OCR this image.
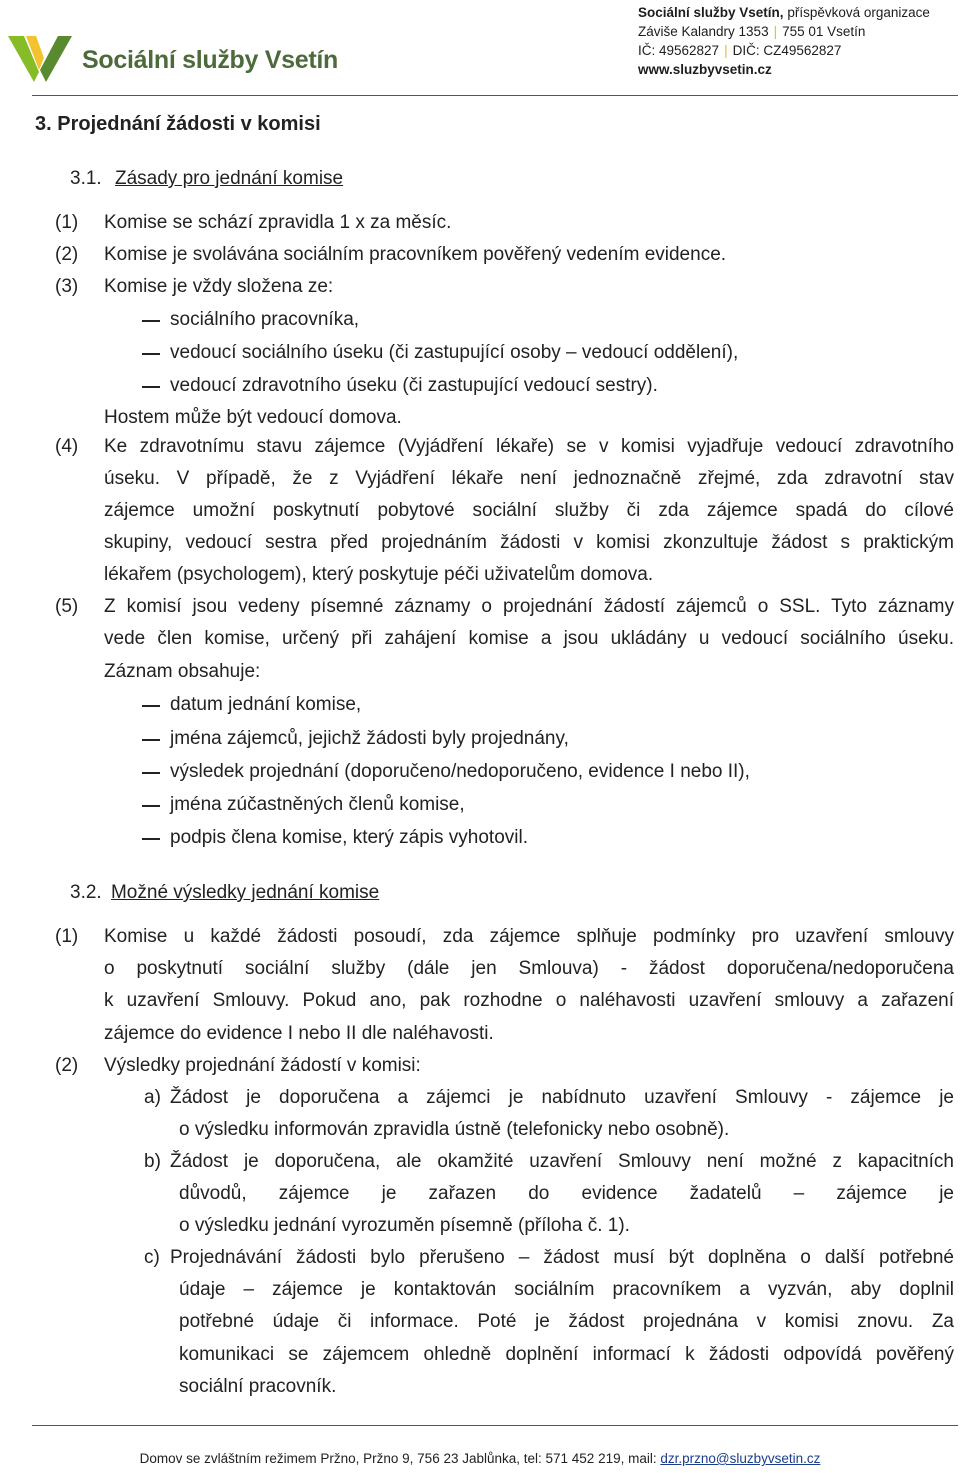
Sociální služby Vsetín
Sociální služby Vsetín, příspěvková organizace
Záviše Kalandry 1353 | 755 01 Vsetín
IČ: 49562827 | DIČ: CZ49562827
www.sluzbyvsetin.cz
3. Projednání žádosti v komisi
3.1. Zásady pro jednání komise
(1) Komise se schází zpravidla 1 x za měsíc.
(2) Komise je svolávána sociálním pracovníkem pověřený vedením evidence.
(3) Komise je vždy složena ze:
sociálního pracovníka,
vedoucí sociálního úseku (či zastupující osoby – vedoucí oddělení),
vedoucí zdravotního úseku (či zastupující vedoucí sestry).
Hostem může být vedoucí domova.
(4) Ke zdravotnímu stavu zájemce (Vyjádření lékaře) se v komisi vyjadřuje vedoucí zdravotního
úseku. V případě, že z Vyjádření lékaře není jednoznačně zřejmé, zda zdravotní stav
zájemce umožní poskytnutí pobytové sociální služby či zda zájemce spadá do cílové
skupiny, vedoucí sestra před projednáním žádosti v komisi zkonzultuje žádost s praktickým
lékařem (psychologem), který poskytuje péči uživatelům domova.
(5) Z komisí jsou vedeny písemné záznamy o projednání žádostí zájemců o SSL. Tyto záznamy
vede člen komise, určený při zahájení komise a jsou ukládány u vedoucí sociálního úseku.
Záznam obsahuje:
datum jednání komise,
jména zájemců, jejichž žádosti byly projednány,
výsledek projednání (doporučeno/nedoporučeno, evidence I nebo II),
jména zúčastněných členů komise,
podpis člena komise, který zápis vyhotovil.
3.2. Možné výsledky jednání komise
(1) Komise u každé žádosti posoudí, zda zájemce splňuje podmínky pro uzavření smlouvy
o poskytnutí sociální služby (dále jen Smlouva) - žádost doporučena/nedoporučena
k uzavření Smlouvy. Pokud ano, pak rozhodne o naléhavosti uzavření smlouvy a zařazení
zájemce do evidence I nebo II dle naléhavosti.
(2) Výsledky projednání žádostí v komisi:
a) Žádost je doporučena a zájemci je nabídnuto uzavření Smlouvy - zájemce je
o výsledku informován zpravidla ústně (telefonicky nebo osobně).
b) Žádost je doporučena, ale okamžité uzavření Smlouvy není možné z kapacitních
důvodů, zájemce je zařazen do evidence žadatelů – zájemce je
o výsledku jednání vyrozuměn písemně (příloha č. 1).
c) Projednávání žádosti bylo přerušeno – žádost musí být doplněna o další potřebné
údaje – zájemce je kontaktován sociálním pracovníkem a vyzván, aby doplnil
potřebné údaje či informace. Poté je žádost projednána v komisi znovu. Za
komunikaci se zájemcem ohledně doplnění informací k žádosti odpovídá pověřený
sociální pracovník.
Domov se zvláštním režimem Pržno, Pržno 9, 756 23 Jablůnka, tel: 571 452 219, mail: dzr.przno@sluzbyvsetin.cz
